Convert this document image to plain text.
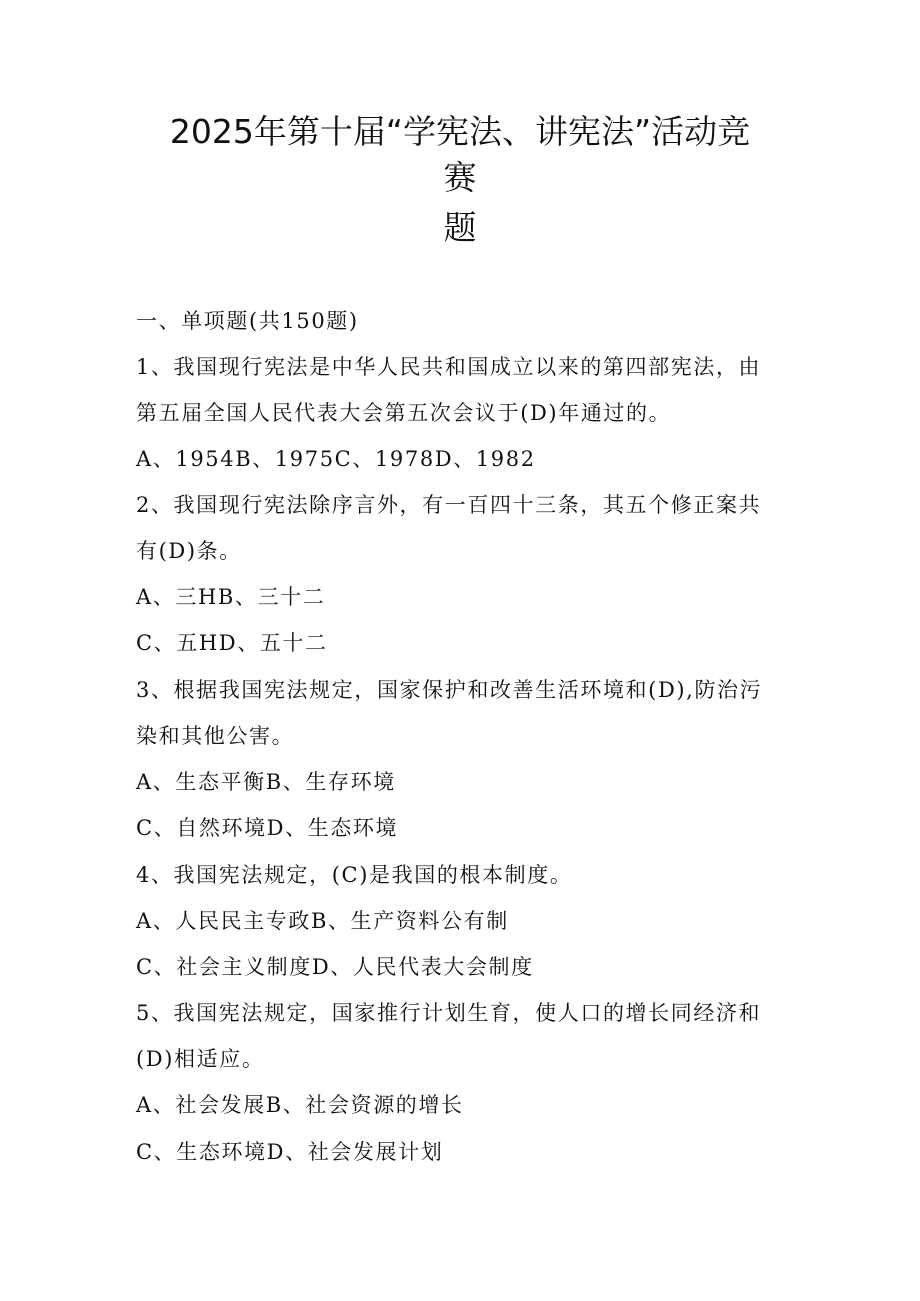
2025年第十届“学宪法、讲宪法”活动竞
赛
题
一、单项题(共150题)
1、我国现行宪法是中华人民共和国成立以来的第四部宪法，由
第五届全国人民代表大会第五次会议于(D)年通过的。
A、1954B、1975C、1978D、1982
2、我国现行宪法除序言外，有一百四十三条，其五个修正案共
有(D)条。
A、三HB、三十二
C、五HD、五十二
3、根据我国宪法规定，国家保护和改善生活环境和(D),防治污
染和其他公害。
A、生态平衡B、生存环境
C、自然环境D、生态环境
4、我国宪法规定，(C)是我国的根本制度。
A、人民民主专政B、生产资料公有制
C、社会主义制度D、人民代表大会制度
5、我国宪法规定，国家推行计划生育，使人口的增长同经济和
(D)相适应。
A、社会发展B、社会资源的增长
C、生态环境D、社会发展计划
